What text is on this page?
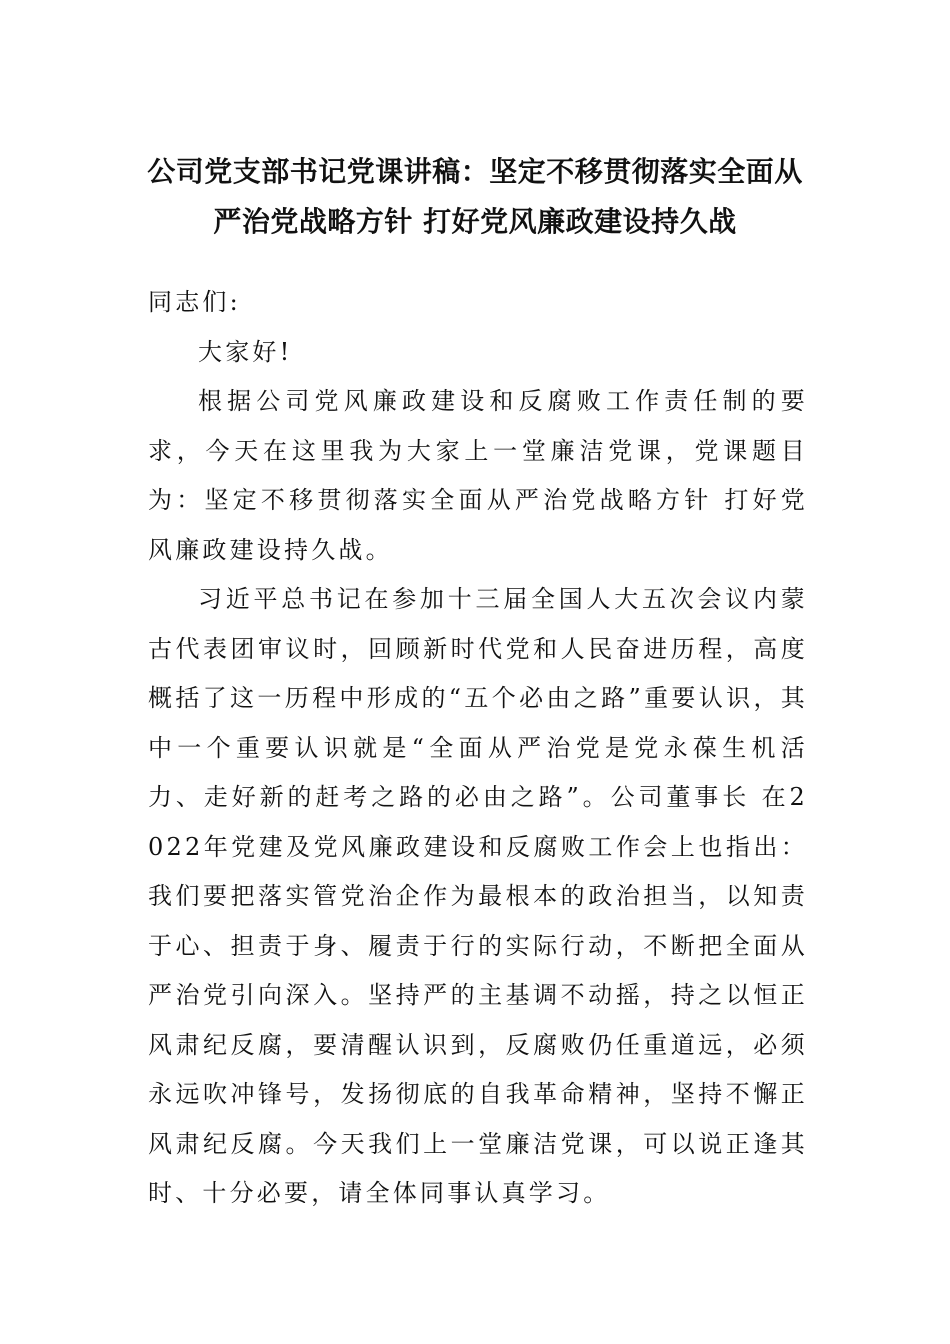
公司党支部书记党课讲稿：坚定不移贯彻落实全面从
严治党战略方针 打好党风廉政建设持久战

同志们:

大家好!

根据公司党风廉政建设和反腐败工作责任制的要求，今天在这里我为大家上一堂廉洁党课，党课题目为：坚定不移贯彻落实全面从严治党战略方针 打好党风廉政建设持久战。

习近平总书记在参加十三届全国人大五次会议内蒙古代表团审议时，回顾新时代党和人民奋进历程，高度概括了这一历程中形成的“五个必由之路”重要认识，其中一个重要认识就是“全面从严治党是党永葆生机活力、走好新的赶考之路的必由之路”。公司董事长 在2022年党建及党风廉政建设和反腐败工作会上也指出：我们要把落实管党治企作为最根本的政治担当，以知责于心、担责于身、履责于行的实际行动，不断把全面从严治党引向深入。坚持严的主基调不动摇，持之以恒正风肃纪反腐，要清醒认识到，反腐败仍任重道远，必须永远吹冲锋号，发扬彻底的自我革命精神，坚持不懈正风肃纪反腐。今天我们上一堂廉洁党课，可以说正逢其时、十分必要，请全体同事认真学习。
